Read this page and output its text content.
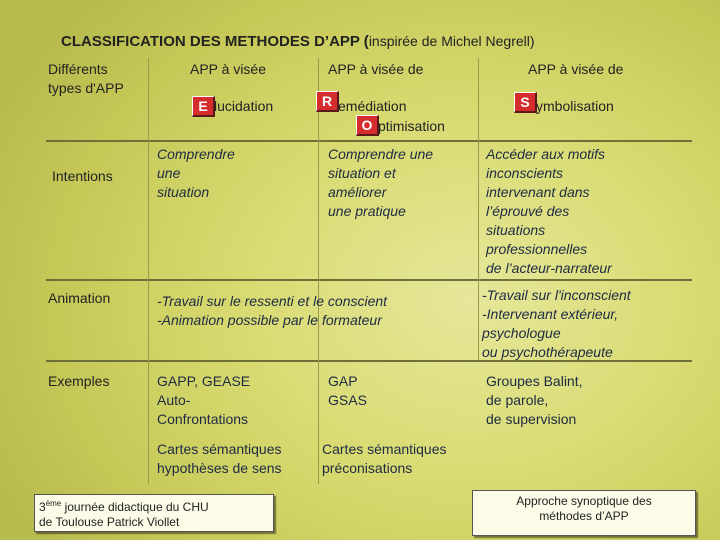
CLASSIFICATION DES METHODES D’APP (inspirée de Michel Negrell)
Différents
types d'APP
Intentions
Animation
Exemples
APP à visée
E lucidation
Comprendre
une
situation
GAPP, GEASE
Auto-
Confrontations
APP à visée de
R emédiation
O ptimisation
Comprendre une
situation et
améliorer
une pratique
GAP
GSAS
APP à visée de
S ymbolisation
Accéder aux motifs
inconscients
intervenant dans
l’éprouvé des
situations
professionnelles
de l’acteur-narrateur
-Travail sur l'inconscient
-Intervenant extérieur,
psychologue
ou psychothérapeute
Groupes Balint,
de parole,
de supervision
-Travail sur le ressenti et le conscient
-Animation possible par le formateur
Cartes sémantiques
hypothèses de sens
Cartes sémantiques
préconisations
3ème journée didactique du CHU
de Toulouse Patrick Viollet
Approche synoptique des
méthodes d’APP
